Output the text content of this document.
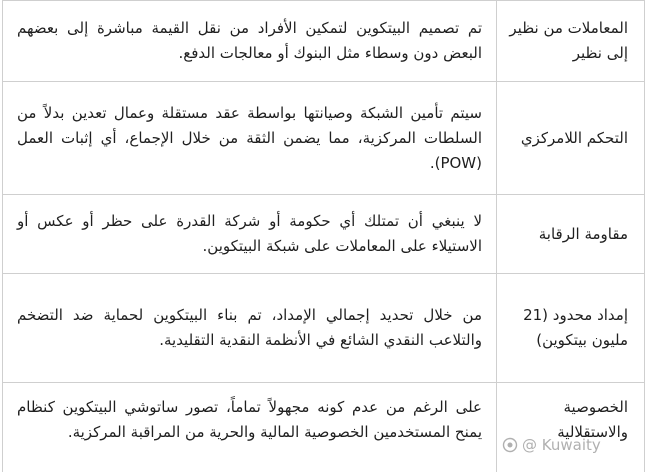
المعاملات من نظير إلى نظير	تم تصميم البيتكوين لتمكين الأفراد من نقل القيمة مباشرة إلى بعضهم البعض دون وسطاء مثل البنوك أو معالجات الدفع.
التحكم اللامركزي	سيتم تأمين الشبكة وصيانتها بواسطة عقد مستقلة وعمال تعدين بدلاً من السلطات المركزية، مما يضمن الثقة من خلال الإجماع، أي إثبات العمل (POW).
مقاومة الرقابة	لا ينبغي أن تمتلك أي حكومة أو شركة القدرة على حظر أو عكس أو الاستيلاء على المعاملات على شبكة البيتكوين.
إمداد محدود (21 مليون بيتكوين)	من خلال تحديد إجمالي الإمداد، تم بناء البيتكوين لحماية ضد التضخم والتلاعب النقدي الشائع في الأنظمة النقدية التقليدية.
الخصوصية والاستقلالية	على الرغم من عدم كونه مجهولاً تماماً، تصور ساتوشي البيتكوين كنظام يمنح المستخدمين الخصوصية المالية والحرية من المراقبة المركزية.
@ Kuwaity
